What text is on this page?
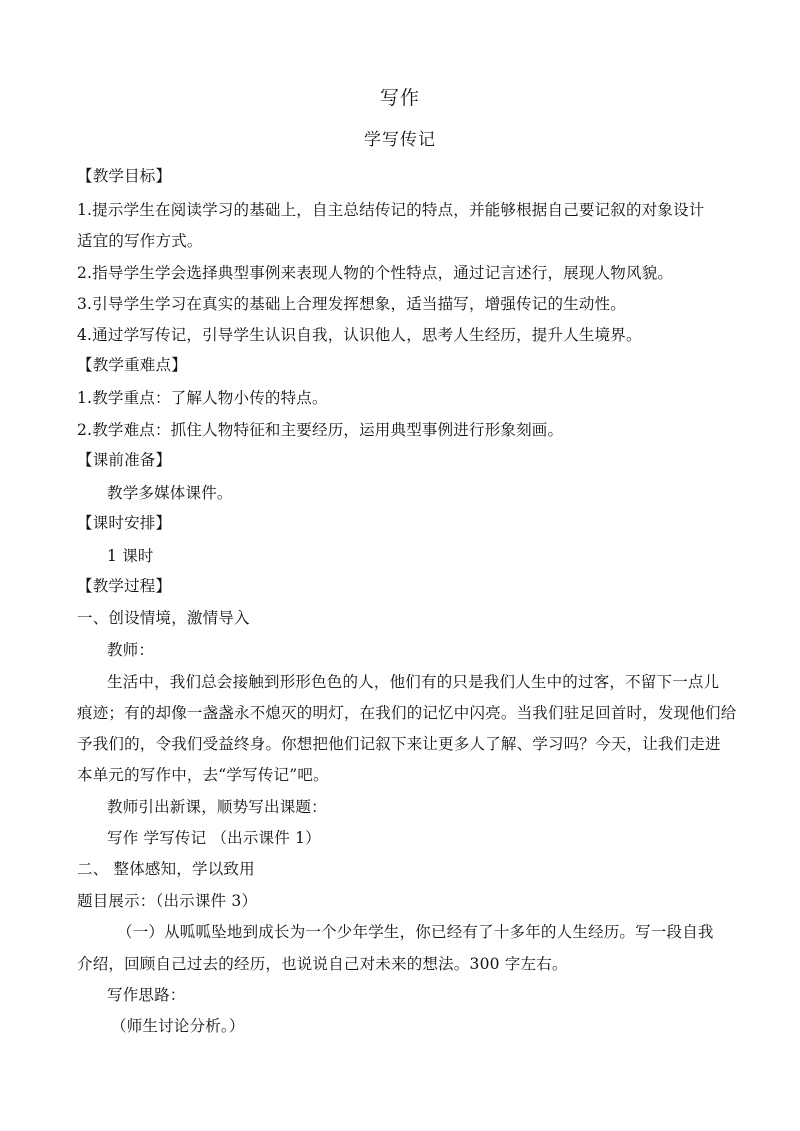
写作
学写传记
【教学目标】
1.提示学生在阅读学习的基础上，自主总结传记的特点，并能够根据自己要记叙的对象设计
适宜的写作方式。
2.指导学生学会选择典型事例来表现人物的个性特点，通过记言述行，展现人物风貌。
3.引导学生学习在真实的基础上合理发挥想象，适当描写，增强传记的生动性。
4.通过学写传记，引导学生认识自我，认识他人，思考人生经历，提升人生境界。
【教学重难点】
1.教学重点：了解人物小传的特点。
2.教学难点：抓住人物特征和主要经历，运用典型事例进行形象刻画。
【课前准备】
教学多媒体课件。
【课时安排】
1 课时
【教学过程】
一、创设情境，激情导入
教师：
生活中，我们总会接触到形形色色的人，他们有的只是我们人生中的过客，不留下一点儿
痕迹；有的却像一盏盏永不熄灭的明灯，在我们的记忆中闪亮。当我们驻足回首时，发现他们给
予我们的，令我们受益终身。你想把他们记叙下来让更多人了解、学习吗？今天，让我们走进
本单元的写作中，去“学写传记”吧。
教师引出新课，顺势写出课题：
写作 学写传记 （出示课件 1）
二、 整体感知，学以致用
题目展示：（出示课件 3）
（一）从呱呱坠地到成长为一个少年学生，你已经有了十多年的人生经历。写一段自我
介绍，回顾自己过去的经历，也说说自己对未来的想法。300 字左右。
写作思路：
（师生讨论分析。）
